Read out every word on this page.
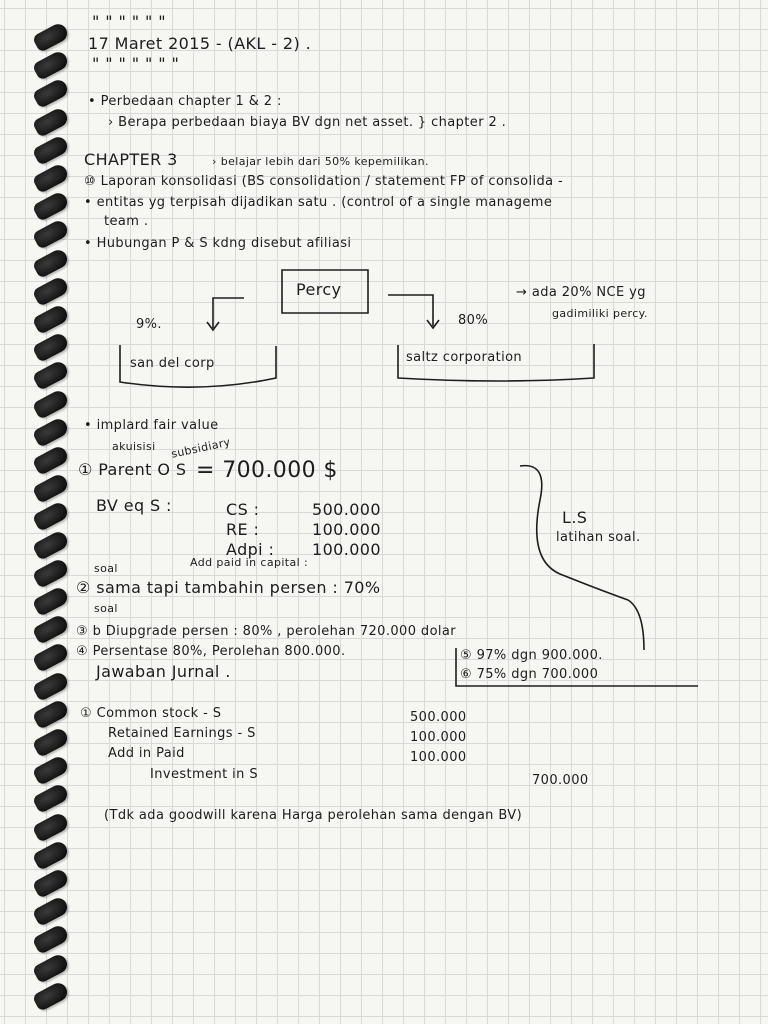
" " " " " "
17 Maret 2015 - (AKL - 2) .
" " " " " " "
• Perbedaan chapter 1 & 2 :
› Berapa perbedaan biaya BV dgn net asset. } chapter 2 .
CHAPTER 3	› belajar lebih dari 50% kepemilikan.
⑩ Laporan konsolidasi (BS consolidation / statement FP of consolida -
• entitas yg terpisah dijadikan satu . (control of a single manageme
team .
• Hubungan P & S kdng disebut afiliasi
Percy
9%.	80%
→ ada 20% NCE yg
gadimiliki percy.
san del corp	saltz corporation
• implard fair value
akuisisi subsidiary
① Parent O S = 700.000 $
BV eq S :	CS :	500.000
RE :	100.000
Adpi : 100.000
Add paid in capital :
L.S
latihan soal.
soal
② sama tapi tambahin persen : 70%
soal
③ b Diupgrade persen : 80% , perolehan 720.000 dolar
④ Persentase 80%, Perolehan 800.000.	⑤ 97% dgn 900.000.
⑥ 75% dgn 700.000
Jawaban Jurnal .
① Common stock - S	500.000
Retained Earnings - S	100.000
Add in Paid	100.000
Investment in S	700.000
(Tdk ada goodwill karena Harga perolehan sama dengan BV)
